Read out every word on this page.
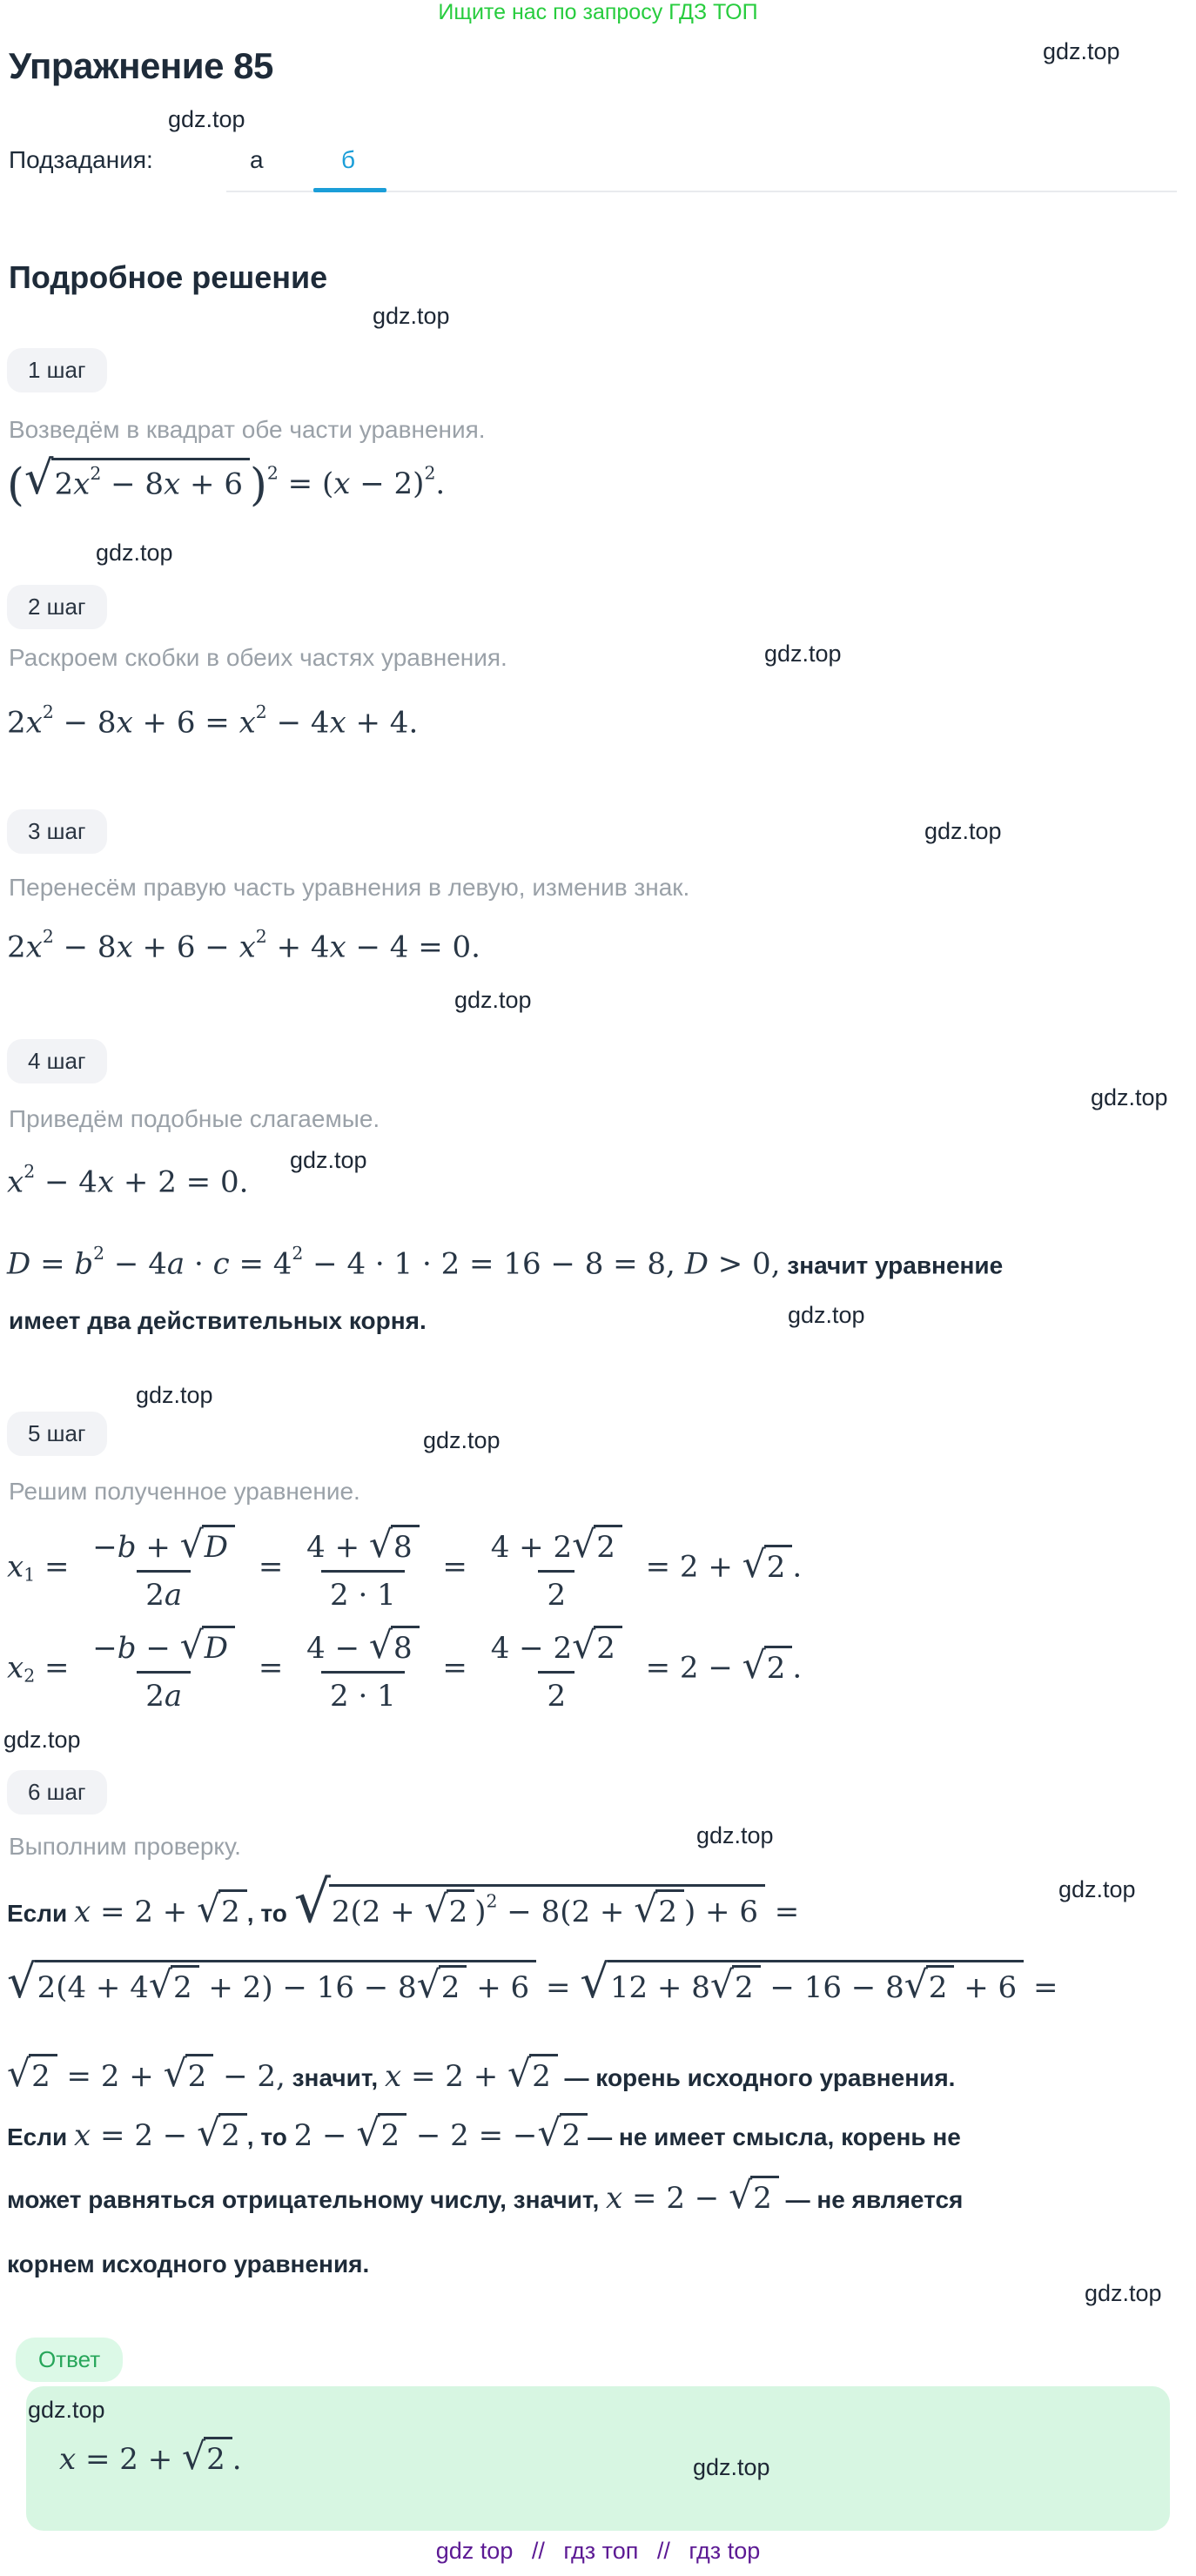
Ищите нас по запросу ГДЗ ТОП
gdz.top
Упражнение 85
gdz.top
Подзадания:	а	б
Подробное решение
gdz.top
1 шаг
Возведём в квадрат обе части уравнения.
( √ $2x^2 - 8x + 6$ )$^2 = (x - 2)^2$.
gdz.top
2 шаг
Раскроем скобки в обеих частях уравнения.	gdz.top
$2x^2 - 8x + 6 = x^2 - 4x + 4$.
3 шаг	gdz.top
Перенесём правую часть уравнения в левую, изменив знак.
$2x^2 - 8x + 6 - x^2 + 4x - 4 = 0$.
gdz.top
4 шаг
gdz.top
Приведём подобные слагаемые.
$x^2 - 4x + 2 = 0$.
gdz.top
$D = b^2 - 4a \cdot c = 4^2 - 4 \cdot 1 \cdot 2 = 16 - 8 = 8$, D > 0, значит уравнение
имеет два действительных корня.	gdz.top
gdz.top
5 шаг	gdz.top
Решим полученное уравнение.
$x1 = \frac{-b + √ D}{2a} = \frac{4 + √ 8}{2 \cdot 1} = \frac{4 + 2 √ 2}{2} = 2$ + √ 2 .
$x2 = \frac{-b - √ D}{2a} = \frac{4 - √ 8}{2 \cdot 1} = \frac{4 - 2 √ 2}{2} = 2$ − √ 2 .
gdz.top
6 шаг
Выполним проверку.	gdz.top
Если x = 2 + √ 2 , то √ 2(2 + √ 2 )$^2$ − 8(2 + √ 2 ) + 6 =
gdz.top
√ 2(4 + 4 √ 2 + 2) − 16 − 8 √ 2 + 6 = √ 12 + 8 √ 2 − 16 − 8 √ 2 + 6 =
√ 2 = 2 + √ 2 − 2, значит, x = 2 + √ 2 — корень исходного уравнения.
Если x = 2 − √ 2 , то 2 − √ 2 − 2 = − √ 2 — не имеет смысла, корень не
может равняться отрицательному числу, значит, x = 2 − √ 2 — не является
корнем исходного уравнения.
gdz.top
Ответ
gdz.top
x = 2 + √ 2 .	gdz.top
gdz top // гдз топ // гдз top
